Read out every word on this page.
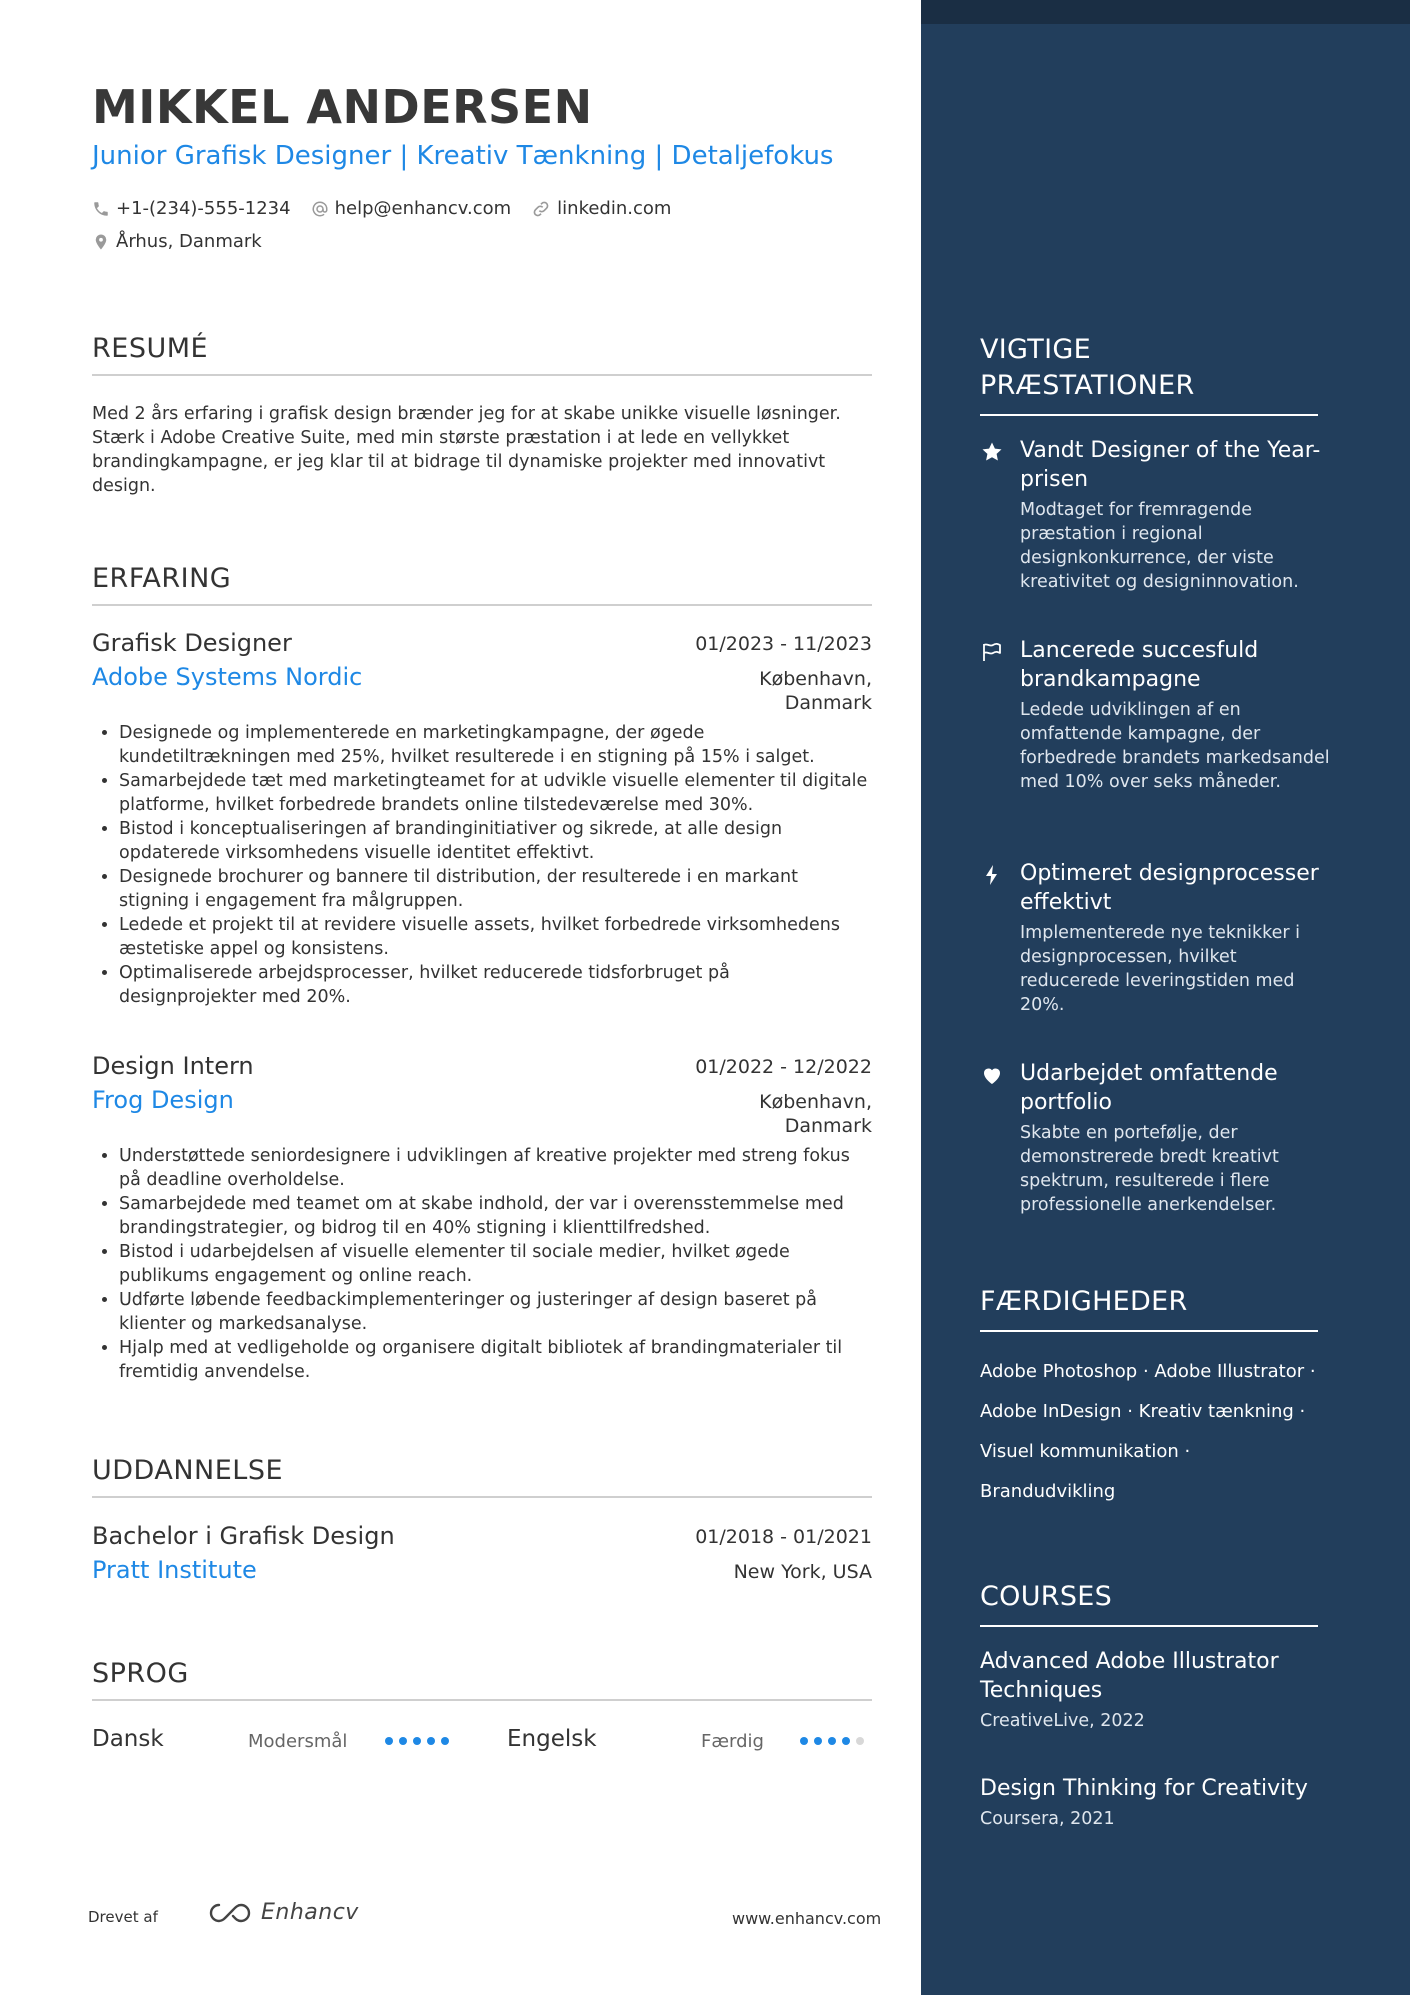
MIKKEL ANDERSEN
Junior Grafisk Designer | Kreativ Tænkning | Detaljefokus
+1-(234)-555-1234 help@enhancv.com	linkedin.com
Århus, Danmark
RESUMÉ
Med 2 års erfaring i grafisk design brænder jeg for at skabe unikke visuelle løsninger. Stærk i Adobe Creative Suite, med min største præstation i at lede en vellykket brandingkampagne, er jeg klar til at bidrage til dynamiske projekter med innovativt design.
ERFARING
Grafisk Designer	01/2023 - 11/2023
Adobe Systems Nordic	København,
Danmark
• Designede og implementerede en marketingkampagne, der øgede kundetiltrækningen med 25%, hvilket resulterede i en stigning på 15% i salget.
• Samarbejdede tæt med marketingteamet for at udvikle visuelle elementer til digitale platforme, hvilket forbedrede brandets online tilstedeværelse med 30%.
• Bistod i konceptualiseringen af brandinginitiativer og sikrede, at alle design opdaterede virksomhedens visuelle identitet effektivt.
• Designede brochurer og bannere til distribution, der resulterede i en markant stigning i engagement fra målgruppen.
• Ledede et projekt til at revidere visuelle assets, hvilket forbedrede virksomhedens æstetiske appel og konsistens.
• Optimaliserede arbejdsprocesser, hvilket reducerede tidsforbruget på designprojekter med 20%.
Design Intern	01/2022 - 12/2022
Frog Design	København,
Danmark
• Understøttede seniordesignere i udviklingen af kreative projekter med streng fokus på deadline overholdelse.
• Samarbejdede med teamet om at skabe indhold, der var i overensstemmelse med brandingstrategier, og bidrog til en 40% stigning i klienttilfredshed.
• Bistod i udarbejdelsen af visuelle elementer til sociale medier, hvilket øgede publikums engagement og online reach.
• Udførte løbende feedbackimplementeringer og justeringer af design baseret på klienter og markedsanalyse.
• Hjalp med at vedligeholde og organisere digitalt bibliotek af brandingmaterialer til fremtidig anvendelse.
UDDANNELSE
Bachelor i Grafisk Design	01/2018 - 01/2021
Pratt Institute	New York, USA
SPROG
Dansk	Modersmål	Engelsk	Færdig
Drevet af	Enhancv	www.enhancv.com
VIGTIGE
PRÆSTATIONER
Vandt Designer of the Year-prisen
Modtaget for fremragende præstation i regional designkonkurrence, der viste kreativitet og designinnovation.
Lancerede succesfuld brandkampagne
Ledede udviklingen af en omfattende kampagne, der forbedrede brandets markedsandel med 10% over seks måneder.
Optimeret designprocesser effektivt
Implementerede nye teknikker i designprocessen, hvilket reducerede leveringstiden med 20%.
Udarbejdet omfattende portfolio
Skabte en portefølje, der demonstrerede bredt kreativt spektrum, resulterede i flere professionelle anerkendelser.
FÆRDIGHEDER
Adobe Photoshop · Adobe Illustrator ·
Adobe InDesign · Kreativ tænkning ·
Visuel kommunikation ·
Brandudvikling
COURSES
Advanced Adobe Illustrator Techniques
CreativeLive, 2022
Design Thinking for Creativity
Coursera, 2021
